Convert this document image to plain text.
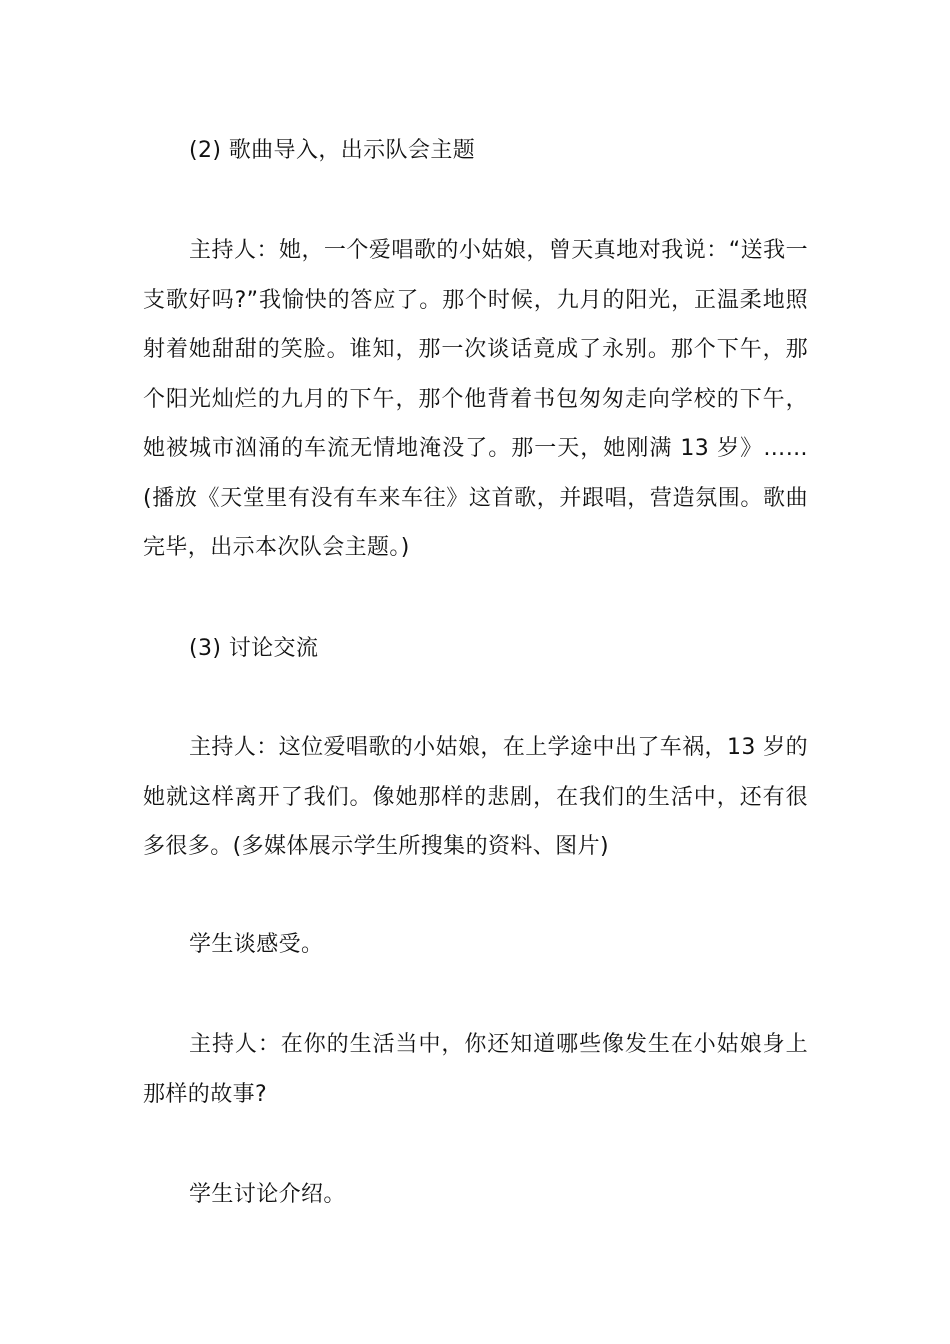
(2) 歌曲导入，出示队会主题

主持人：她，一个爱唱歌的小姑娘，曾天真地对我说：“送我一支歌好吗?”我愉快的答应了。那个时候，九月的阳光，正温柔地照射着她甜甜的笑脸。谁知，那一次谈话竟成了永别。那个下午，那个阳光灿烂的九月的下午，那个他背着书包匆匆走向学校的下午，她被城市汹涌的车流无情地淹没了。那一天，她刚满 13 岁》……(播放《天堂里有没有车来车往》这首歌，并跟唱，营造氛围。歌曲完毕，出示本次队会主题。)

(3) 讨论交流

主持人：这位爱唱歌的小姑娘，在上学途中出了车祸，13 岁的她就这样离开了我们。像她那样的悲剧，在我们的生活中，还有很多很多。(多媒体展示学生所搜集的资料、图片)

学生谈感受。

主持人：在你的生活当中，你还知道哪些像发生在小姑娘身上那样的故事?

学生讨论介绍。
